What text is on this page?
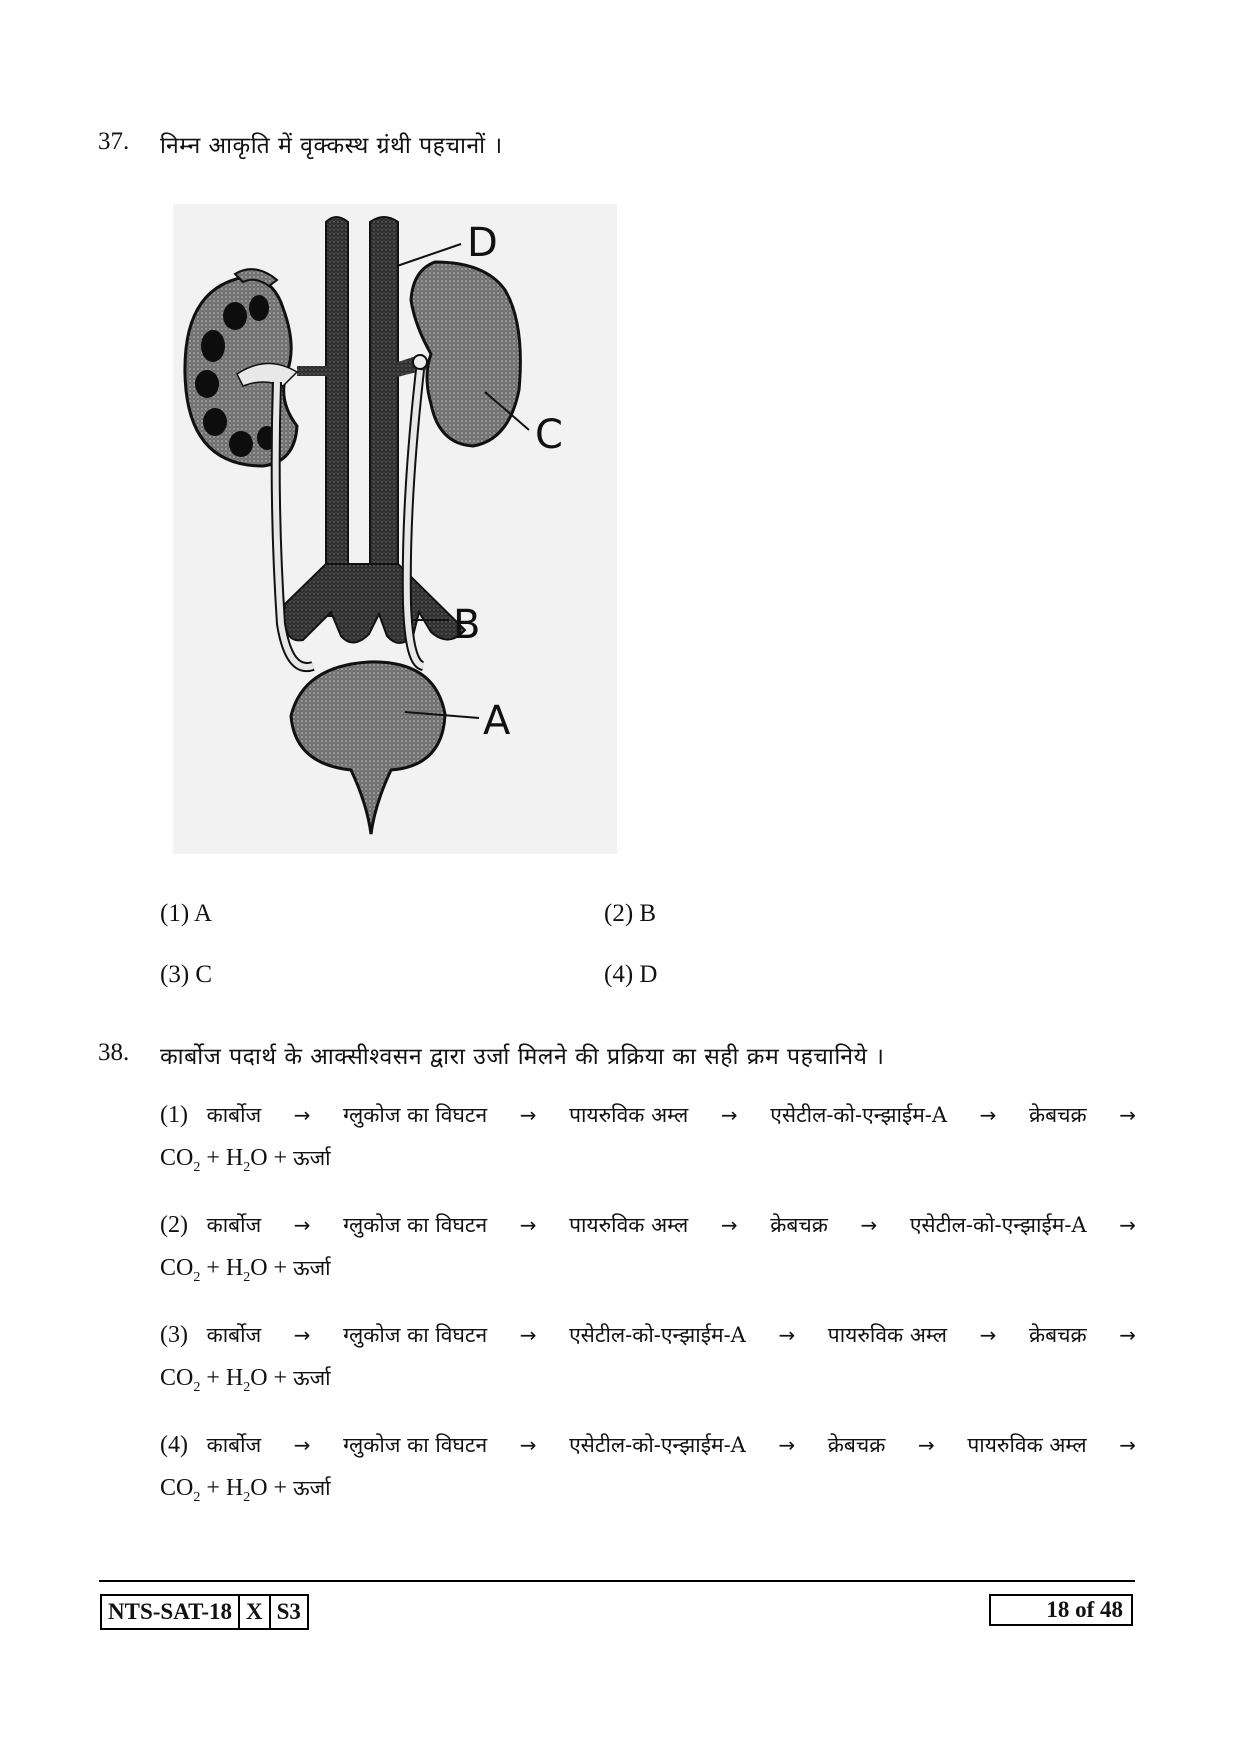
37.	निम्न आकृति में वृक्कस्थ ग्रंथी पहचानों ।
D
C
B
A
(1) A	(2) B
(3) C	(4) D
38.	कार्बोज पदार्थ के आक्सीश्वसन द्वारा उर्जा मिलने की प्रक्रिया का सही क्रम पहचानिये ।
(1) कार्बोज → ग्लुकोज का विघटन → पायरुविक अम्ल → एसेटील-को-एन्झाईम-A → क्रेबचक्र →
$CO_2 + H_2O$ + ऊर्जा
(2) कार्बोज → ग्लुकोज का विघटन → पायरुविक अम्ल → क्रेबचक्र → एसेटील-को-एन्झाईम-A →
$CO_2 + H_2O$ + ऊर्जा
(3) कार्बोज → ग्लुकोज का विघटन → एसेटील-को-एन्झाईम-A → पायरुविक अम्ल → क्रेबचक्र →
$CO_2 + H_2O$ + ऊर्जा
(4) कार्बोज → ग्लुकोज का विघटन → एसेटील-को-एन्झाईम-A → क्रेबचक्र → पायरुविक अम्ल →
$CO_2 + H_2O$ + ऊर्जा
NTS-SAT-18 X S3	18 of 48
